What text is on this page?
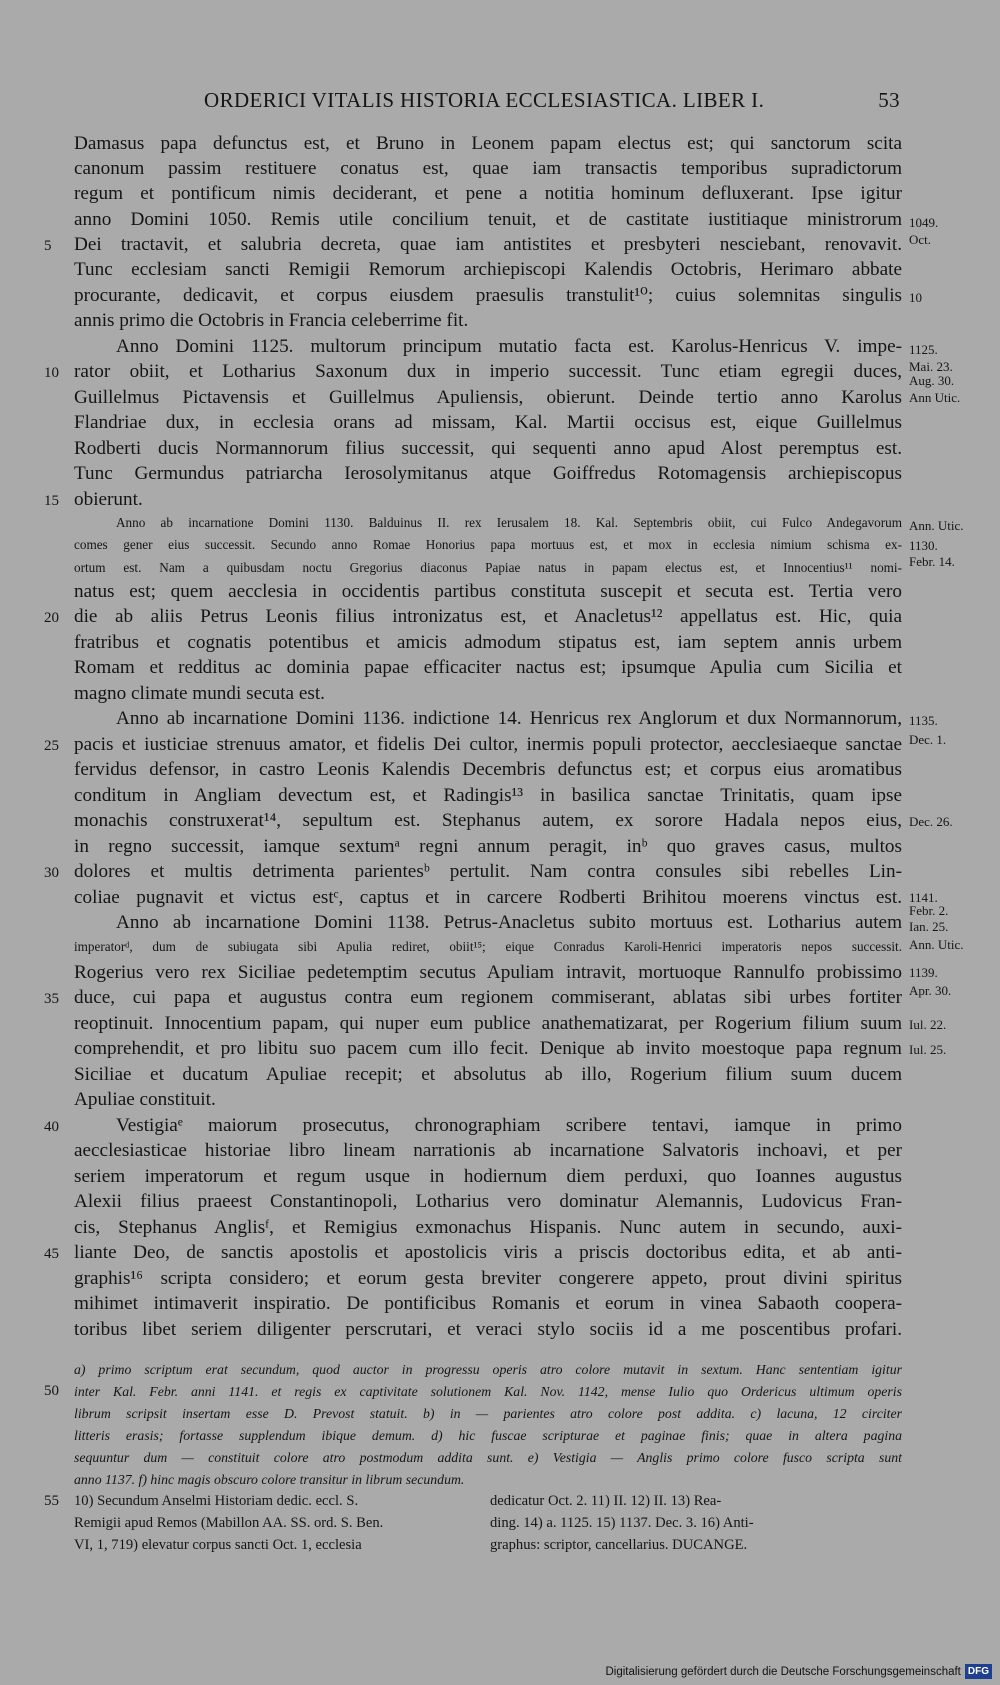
ORDERICI VITALIS HISTORIA ECCLESIASTICA. LIBER I.	53
Damasus papa defunctus est, et Bruno in Leonem papam electus est; qui sanctorum scita
canonum passim restituere conatus est, quae iam transactis temporibus supradictorum
regum et pontificum nimis deciderant, et pene a notitia hominum defluxerant. Ipse igitur
anno Domini 1050. Remis utile concilium tenuit, et de castitate iustitiaque ministrorum
Dei tractavit, et salubria decreta, quae iam antistites et presbyteri nesciebant, renovavit.
Tunc ecclesiam sancti Remigii Remorum archiepiscopi Kalendis Octobris, Herimaro abbate
procurante, dedicavit, et corpus eiusdem praesulis transtulit¹⁰; cuius solemnitas singulis
annis primo die Octobris in Francia celeberrime fit.
Anno Domini 1125. multorum principum mutatio facta est. Karolus-Henricus V. impe-
rator obiit, et Lotharius Saxonum dux in imperio successit. Tunc etiam egregii duces,
Guillelmus Pictavensis et Guillelmus Apuliensis, obierunt. Deinde tertio anno Karolus
Flandriae dux, in ecclesia orans ad missam, Kal. Martii occisus est, eique Guillelmus
Rodberti ducis Normannorum filius successit, qui sequenti anno apud Alost peremptus est.
Tunc Germundus patriarcha Ierosolymitanus atque Goiffredus Rotomagensis archiepiscopus
obierunt.
Anno ab incarnatione Domini 1130. Balduinus II. rex Ierusalem 18. Kal. Septembris obiit, cui Fulco Andegavorum
comes gener eius successit. Secundo anno Romae Honorius papa mortuus est, et mox in ecclesia nimium schisma ex-
ortum est. Nam a quibusdam noctu Gregorius diaconus Papiae natus in papam electus est, et Innocentius¹¹ nomi-
natus est; quem aecclesia in occidentis partibus constituta suscepit et secuta est. Tertia vero
die ab aliis Petrus Leonis filius intronizatus est, et Anacletus¹² appellatus est. Hic, quia
fratribus et cognatis potentibus et amicis admodum stipatus est, iam septem annis urbem
Romam et redditus ac dominia papae efficaciter nactus est; ipsumque Apulia cum Sicilia et
magno climate mundi secuta est.
Anno ab incarnatione Domini 1136. indictione 14. Henricus rex Anglorum et dux Normannorum,
pacis et iusticiae strenuus amator, et fidelis Dei cultor, inermis populi protector, aecclesiaeque sanctae
fervidus defensor, in castro Leonis Kalendis Decembris defunctus est; et corpus eius aromatibus
conditum in Angliam devectum est, et Radingis¹³ in basilica sanctae Trinitatis, quam ipse
monachis construxerat¹⁴, sepultum est. Stephanus autem, ex sorore Hadala nepos eius,
in regno successit, iamque sextumᵃ regni annum peragit, inᵇ quo graves casus, multos
dolores et multis detrimenta parientesᵇ pertulit. Nam contra consules sibi rebelles Lin-
coliae pugnavit et victus estᶜ, captus et in carcere Rodberti Brihitou moerens vinctus est.
Anno ab incarnatione Domini 1138. Petrus-Anacletus subito mortuus est. Lotharius autem
imperatorᵈ, dum de subiugata sibi Apulia rediret, obiit¹⁵; eique Conradus Karoli-Henrici imperatoris nepos successit.
Rogerius vero rex Siciliae pedetemptim secutus Apuliam intravit, mortuoque Rannulfo probissimo
duce, cui papa et augustus contra eum regionem commiserant, ablatas sibi urbes fortiter
reoptinuit. Innocentium papam, qui nuper eum publice anathematizarat, per Rogerium filium suum
comprehendit, et pro libitu suo pacem cum illo fecit. Denique ab invito moestoque papa regnum
Siciliae et ducatum Apuliae recepit; et absolutus ab illo, Rogerium filium suum ducem
Apuliae constituit.
Vestigiaᵉ maiorum prosecutus, chronographiam scribere tentavi, iamque in primo
aecclesiasticae historiae libro lineam narrationis ab incarnatione Salvatoris inchoavi, et per
seriem imperatorum et regum usque in hodiernum diem perduxi, quo Ioannes augustus
Alexii filius praeest Constantinopoli, Lotharius vero dominatur Alemannis, Ludovicus Fran-
cis, Stephanus Anglisᶠ, et Remigius exmonachus Hispanis. Nunc autem in secundo, auxi-
liante Deo, de sanctis apostolis et apostolicis viris a priscis doctoribus edita, et ab anti-
graphis¹⁶ scripta considero; et eorum gesta breviter congerere appeto, prout divini spiritus
mihimet intimaverit inspiratio. De pontificibus Romanis et eorum in vinea Sabaoth coopera-
toribus libet seriem diligenter perscrutari, et veraci stylo sociis id a me poscentibus profari.
5
10
15
20
25
30
35
40
45
50
55
1049.
Oct.
10
1125.
Mai. 23.
Aug. 30.
Ann Utic.
Ann. Utic.
1130.
Febr. 14.
1135.
Dec. 1.
Dec. 26.
1141.
Febr. 2.
Ian. 25.
Ann. Utic.
1139.
Apr. 30.
Iul. 22.
Iul. 25.
a) primo scriptum erat secundum, quod auctor in progressu operis atro colore mutavit in sextum. Hanc sententiam igitur
inter Kal. Febr. anni 1141. et regis ex captivitate solutionem Kal. Nov. 1142, mense Iulio quo Ordericus ultimum operis
librum scripsit insertam esse D. Prevost statuit. b) in — parientes atro colore post addita. c) lacuna, 12 circiter
litteris erasis; fortasse supplendum ibique demum. d) hic fuscae scripturae et paginae finis; quae in altera pagina
sequuntur dum — constituit colore atro postmodum addita sunt. e) Vestigia — Anglis primo colore fusco scripta sunt
anno 1137. f) hinc magis obscuro colore transitur in librum secundum.
10) Secundum Anselmi Historiam dedic. eccl. S.
Remigii apud Remos (Mabillon AA. SS. ord. S. Ben.
VI, 1, 719) elevatur corpus sancti Oct. 1, ecclesia
dedicatur Oct. 2. 11) II. 12) II. 13) Rea-
ding. 14) a. 1125. 15) 1137. Dec. 3. 16) Anti-
graphus: scriptor, cancellarius. DUCANGE.
Digitalisierung gefördert durch die Deutsche Forschungsgemeinschaft DFG
